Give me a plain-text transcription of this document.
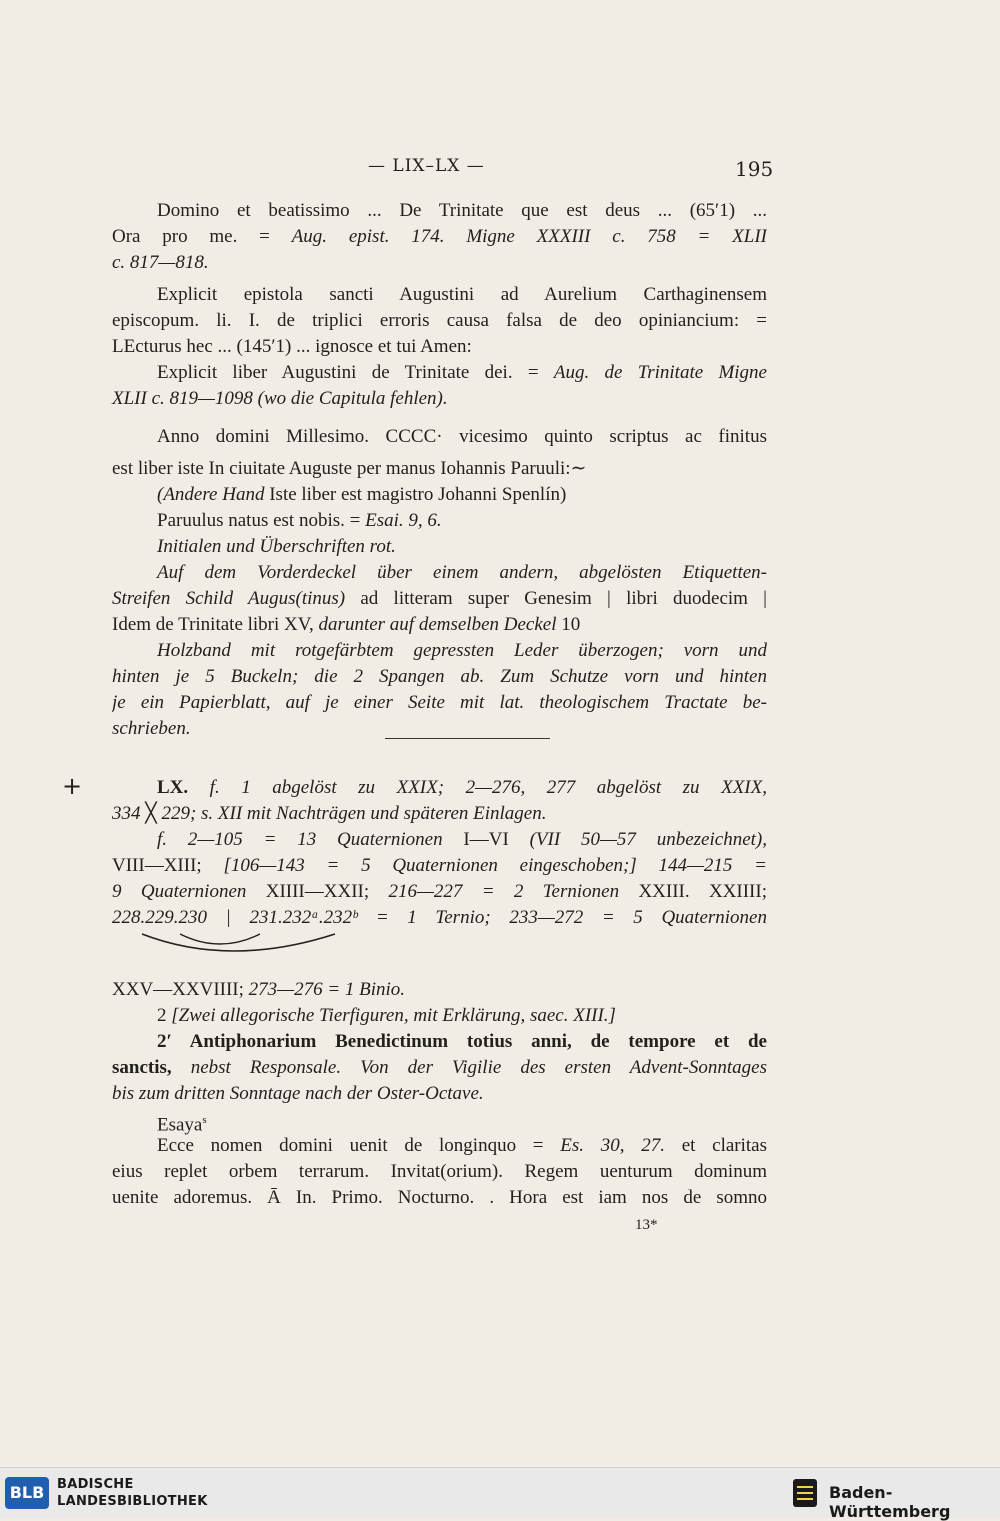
— LIX–LX —	195
Domino et beatissimo ... De Trinitate que est deus ... (65′1) ...
Ora pro me. = Aug. epist. 174. Migne XXXIII c. 758 = XLII
c. 817—818.
Explicit epistola sancti Augustini ad Aurelium Carthaginensem
episcopum. li. I. de triplici erroris causa falsa de deo opiniancium: =
LEcturus hec ... (145′1) ... ignosce et tui Amen:
Explicit liber Augustini de Trinitate dei. = Aug. de Trinitate Migne
XLII c. 819—1098 (wo die Capitula fehlen).
Anno domini Millesimo. CCCC· vicesimo quinto scriptus ac finitus
est liber iste In ciuitate Auguste per manus Iohannis Paruuli:∼
(Andere Hand Iste liber est magistro Johanni Spenlín)
Paruulus natus est nobis. = Esai. 9, 6.
Initialen und Überschriften rot.
Auf dem Vorderdeckel über einem andern, abgelösten Etiquetten-
Streifen Schild Augus(tinus) ad litteram super Genesim | libri duodecim |
Idem de Trinitate libri XV, darunter auf demselben Deckel 10
Holzband mit rotgefärbtem gepressten Leder überzogen; vorn und
hinten je 5 Buckeln; die 2 Spangen ab. Zum Schutze vorn und hinten
je ein Papierblatt, auf je einer Seite mit lat. theologischem Tractate be-
schrieben.
+	LX. f. 1 abgelöst zu XXIX; 2—276, 277 abgelöst zu XXIX,
334 ╳ 229; s. XII mit Nachträgen und späteren Einlagen.
f. 2—105 = 13 Quaternionen I—VI (VII 50—57 unbezeichnet),
VIII—XIII; [106—143 = 5 Quaternionen eingeschoben;] 144—215 =
9 Quaternionen XIIII—XXII; 216—227 = 2 Ternionen XXIII. XXIIII;
228.229.230 | 231.232ᵃ.232ᵇ = 1 Ternio; 233—272 = 5 Quaternionen
XXV—XXVIIII; 273—276 = 1 Binio.
2 [Zwei allegorische Tierfiguren, mit Erklärung, saec. XIII.]
2′ Antiphonarium Benedictinum totius anni, de tempore et de
sanctis, nebst Responsale. Von der Vigilie des ersten Advent-Sonntages
bis zum dritten Sonntage nach der Oster-Octave.
Esaya$^s$
Ecce nomen domini uenit de longinquo = Es. 30, 27. et claritas
eius replet orbem terrarum. Invitat(orium). Regem uenturum dominum
uenite adoremus. Ā In. Primo. Nocturno. . Hora est iam nos de somno
13*
BLB BADISCHE
LANDESBIBLIOTHEK	Baden-Württemberg
